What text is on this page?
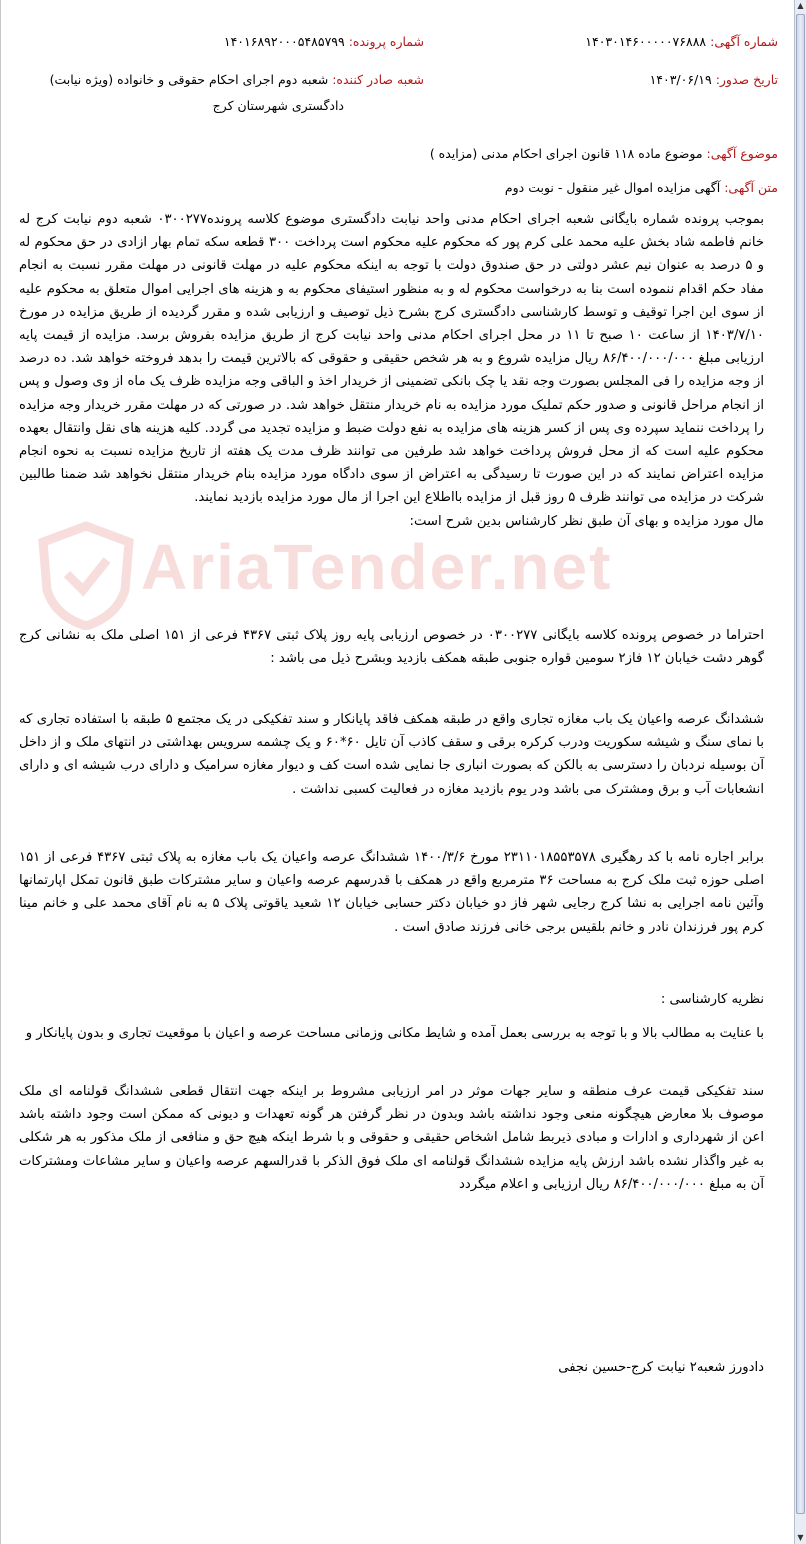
AriaTender.net
شماره آگهی: ۱۴۰۳۰۱۴۶۰۰۰۰۰۷۶۸۸۸
شماره پرونده: ۱۴۰۱۶۸۹۲۰۰۰۵۴۸۵۷۹۹
تاریخ صدور: ۱۴۰۳/۰۶/۱۹
شعبه صادر کننده: شعبه دوم اجرای احکام حقوقی و خانواده (ویژه نیابت)
دادگستری شهرستان کرج
موضوع آگهی: موضوع ماده ۱۱۸ قانون اجرای احکام مدنی (مزایده )
متن آگهی: آگهی مزایده اموال غیر منقول - نوبت دوم

بموجب پرونده شماره بایگانی شعبه اجرای احکام مدنی واحد نیابت دادگستری موضوع کلاسه پرونده۰۳۰۰۲۷۷ شعبه دوم نیابت کرج له خانم فاطمه شاد بخش علیه محمد علی کرم پور که محکوم علیه محکوم است پرداخت ۳۰۰ قطعه سکه تمام بهار ازادی در حق محکوم له و ۵ درصد به عنوان نیم عشر دولتی در حق صندوق دولت با توجه به اینکه محکوم علیه در مهلت قانونی در مهلت مقرر نسبت به انجام مفاد حکم اقدام ننموده است بنا به درخواست محکوم له و به منظور استیفای محکوم به و هزینه های اجرایی اموال متعلق به محکوم علیه از سوی این اجرا توقیف و توسط کارشناسی دادگستری کرج بشرح ذیل توصیف و ارزیابی شده و مقرر گردیده از طریق مزایده در مورخ ۱۴۰۳/۷/۱۰ از ساعت ۱۰ صبح تا ۱۱ در محل اجرای احکام مدنی واحد نیابت کرج از طریق مزایده بفروش برسد. مزایده از قیمت پایه ارزیابی مبلغ ۸۶/۴۰۰/۰۰۰/۰۰۰ ریال مزایده شروع و به هر شخص حقیقی و حقوقی که بالاترین قیمت را بدهد فروخته خواهد شد. ده درصد از وجه مزایده را فی المجلس بصورت وجه نقد یا چک بانکی تضمینی از خریدار اخذ و الباقی وجه مزایده ظرف یک ماه از وی وصول و پس از انجام مراحل قانونی و صدور حکم تملیک مورد مزایده به نام خریدار منتقل خواهد شد. در صورتی که در مهلت مقرر خریدار وجه مزایده را پرداخت ننماید سپرده وی پس از کسر هزینه های مزایده به نفع دولت ضبط و مزایده تجدید می گردد. کلیه هزینه های نقل وانتقال بعهده محکوم علیه است که از محل فروش پرداخت خواهد شد طرفین می توانند ظرف مدت یک هفته از تاریخ مزایده نسبت به نحوه انجام مزایده اعتراض نمایند که در این صورت تا رسیدگی به اعتراض از سوی دادگاه مورد مزایده بنام خریدار منتقل نخواهد شد ضمنا طالبین شرکت در مزایده می توانند ظرف ۵ روز قبل از مزایده بااطلاع این اجرا از مال مورد مزایده بازدید نمایند.

مال مورد مزایده و بهای آن طبق نظر کارشناس بدین شرح است:

احتراما در خصوص پرونده کلاسه بایگانی ۰۳۰۰۲۷۷ در خصوص ارزیابی پایه روز پلاک ثبتی ۴۳۶۷ فرعی از ۱۵۱ اصلی ملک به نشانی کرج گوهر دشت خیابان ۱۲ فاز۲ سومین قواره جنوبی طبقه همکف بازدید وبشرح ذیل می باشد :

ششدانگ عرصه واعیان یک باب مغازه تجاری واقع در طبقه همکف فاقد پایانکار و سند تفکیکی در یک مجتمع ۵ طبقه با استفاده تجاری که با نمای سنگ و شیشه سکوریت ودرب کرکره برقی و سقف کاذب آن تایل ۶۰*۶۰ و یک چشمه سرویس بهداشتی در انتهای ملک و از داخل آن بوسیله نردبان را دسترسی به بالکن که بصورت انباری جا نمایی شده است کف و دیوار مغازه سرامیک و دارای درب شیشه ای و دارای انشعابات آب و برق ومشترک می باشد ودر یوم بازدید مغازه در فعالیت کسبی نداشت .

برابر اجاره نامه با کد رهگیری ۲۳۱۱۰۱۸۵۵۳۵۷۸ مورخ ۱۴۰۰/۳/۶ ششدانگ عرصه واعیان یک باب مغازه به پلاک ثبتی ۴۳۶۷ فرعی از ۱۵۱ اصلی حوزه ثبت ملک کرج به مساحت ۳۶ مترمربع واقع در همکف با قدرسهم عرصه واعیان و سایر مشترکات طبق قانون تمکل اپارتمانها وآئین نامه اجرایی به نشا کرج رجایی شهر فاز دو خیابان دکتر حسابی خیابان ۱۲ شعید یاقوتی پلاک ۵ به نام آقای محمد علی و خانم مینا کرم پور فرزندان نادر و خانم بلقیس برجی خانی فرزند صادق است .

نظریه کارشناسی :

با عنایت به مطالب بالا و با توجه به بررسی بعمل آمده و شایط مکانی وزمانی مساحت عرصه و اعیان با موقعیت تجاری و بدون پایانکار و

سند تفکیکی قیمت عرف منطقه و سایر جهات موثر در امر ارزیابی مشروط بر اینکه جهت انتقال قطعی ششدانگ قولنامه ای ملک موصوف بلا معارض هیچگونه منعی وجود نداشته باشد وبدون در نظر گرفتن هر گونه تعهدات و دیونی که ممکن است وجود داشته باشد اعن از شهرداری و ادارات و مبادی ذیربط شامل اشخاص حقیقی و حقوقی و با شرط اینکه هیچ حق و منافعی از ملک مذکور به هر شکلی به غیر واگذار نشده باشد ارزش پایه مزایده ششدانگ قولنامه ای ملک فوق الذکر با قدرالسهم عرصه واعیان و سایر مشاعات ومشترکات آن به مبلغ ۸۶/۴۰۰/۰۰۰/۰۰۰ ریال ارزیابی و اعلام میگردد

دادورز شعبه۲ نیابت کرج-حسین نجفی

▲
▼
